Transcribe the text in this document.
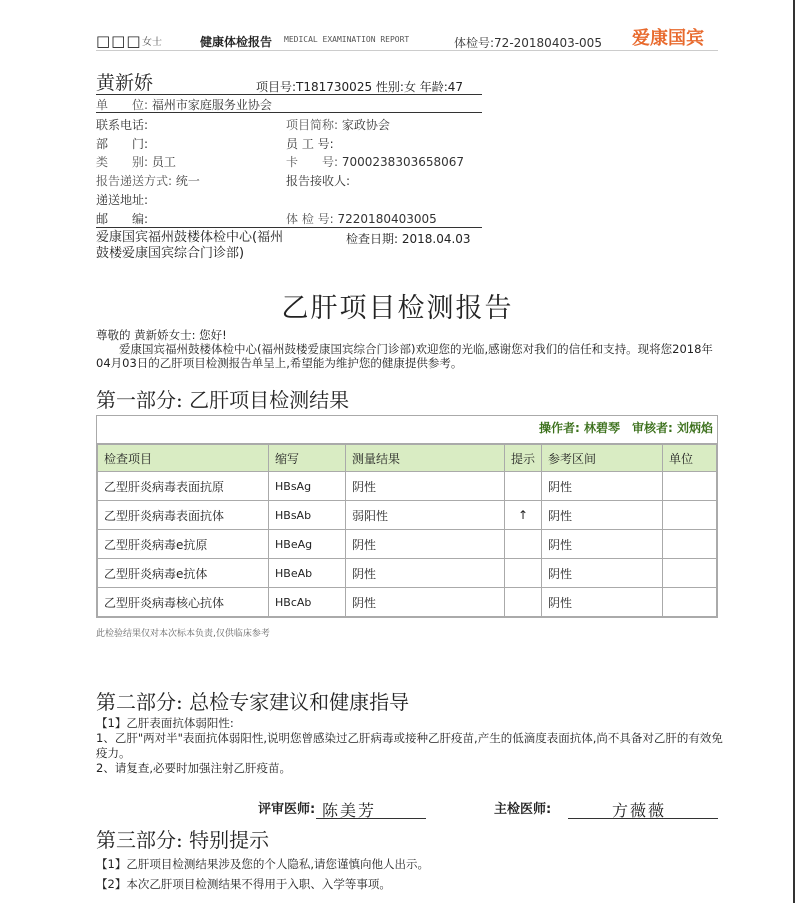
□□□ 女士	健康体检报告 MEDICAL EXAMINATION REPORT	体检号:72-20180403-005 爱康国宾
黄新娇	项目号:T181730025 性别:女 年龄:47
单　　位: 福州市家庭服务业协会
联系电话:	项目简称: 家政协会
部　　门:	员 工 号:
类　　别: 员工	卡　　号: 7000238303658067
报告递送方式: 统一	报告接收人:
递送地址:
邮　　编:	体 检 号: 7220180403005
爱康国宾福州鼓楼体检中心(福州鼓楼爱康国宾综合门诊部)
检查日期: 2018.04.03
乙肝项目检测报告

尊敬的 黄新娇女士: 您好!

　　爱康国宾福州鼓楼体检中心(福州鼓楼爱康国宾综合门诊部)欢迎您的光临,感谢您对我们的信任和支持。现将您2018年04月03日的乙肝项目检测报告单呈上,希望能为维护您的健康提供参考。

第一部分: 乙肝项目检测结果
操作者: 林碧琴　审核者: 刘炳焰
检查项目	缩写	测量结果	提示	参考区间	单位
乙型肝炎病毒表面抗原	HBsAg	阴性		阴性	
乙型肝炎病毒表面抗体	HBsAb	弱阳性	↑	阴性	
乙型肝炎病毒e抗原	HBeAg	阴性		阴性	
乙型肝炎病毒e抗体	HBeAb	阴性		阴性	
乙型肝炎病毒核心抗体	HBcAb	阴性		阴性	
此检验结果仅对本次标本负责,仅供临床参考
第二部分: 总检专家建议和健康指导

【1】乙肝表面抗体弱阳性:

1、乙肝"两对半"表面抗体弱阳性,说明您曾感染过乙肝病毒或接种乙肝疫苗,产生的低滴度表面抗体,尚不具备对乙肝的有效免疫力。

2、请复查,必要时加强注射乙肝疫苗。

评审医师: 陈美芳	主检医师:	方薇薇
第三部分: 特别提示

【1】乙肝项目检测结果涉及您的个人隐私,请您谨慎向他人出示。

【2】本次乙肝项目检测结果不得用于入职、入学等事项。
